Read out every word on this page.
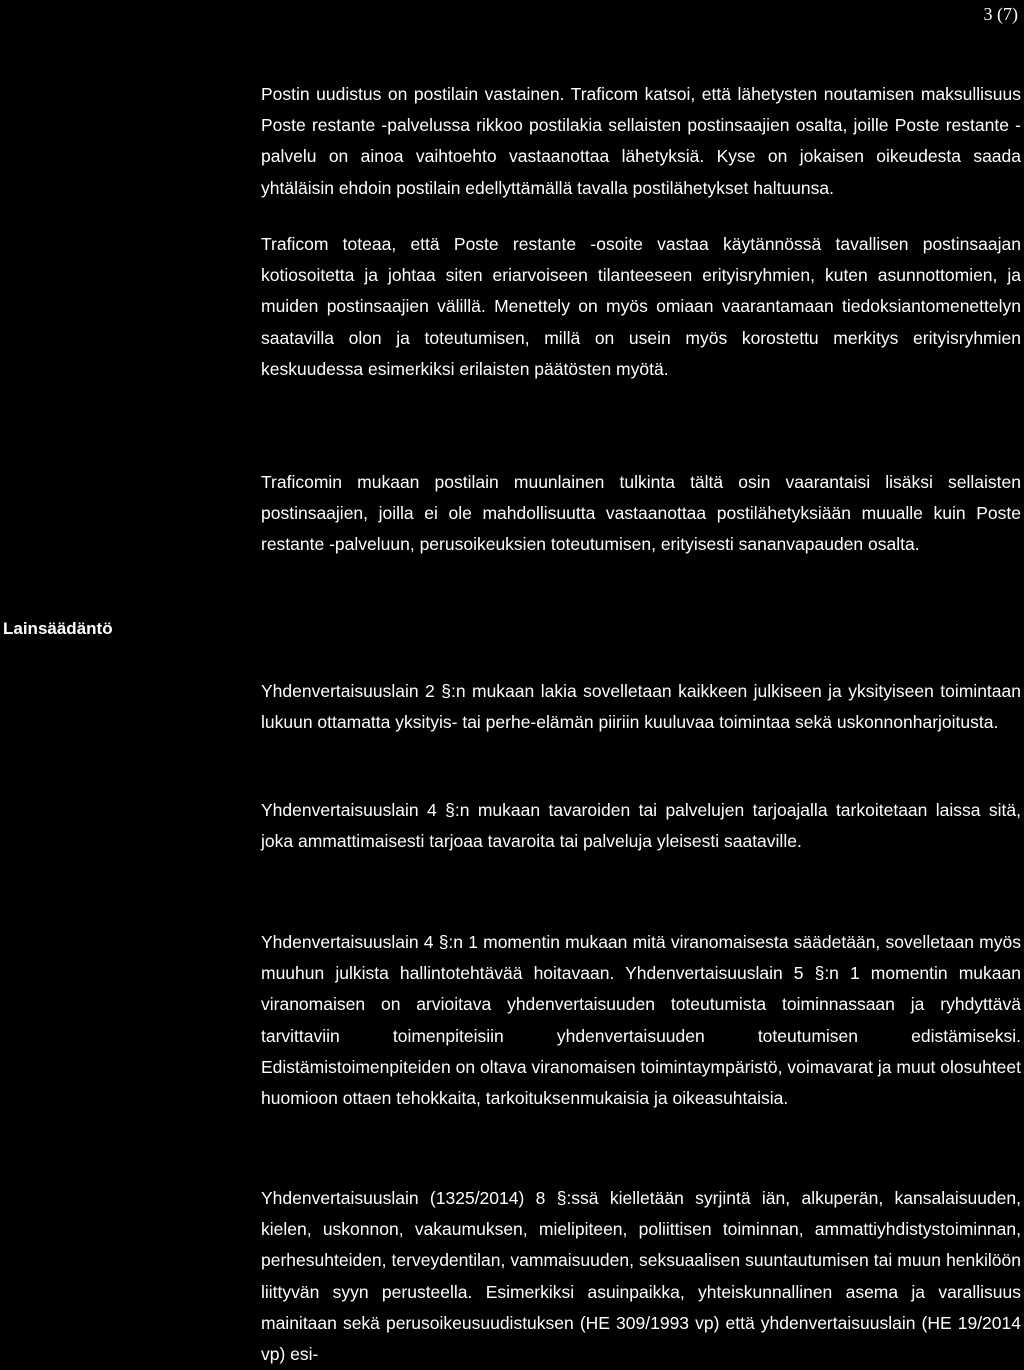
3 (7)

Postin uudistus on postilain vastainen. Traficom katsoi, että lähetysten noutamisen maksullisuus Poste restante -palvelussa rikkoo postilakia sellaisten postinsaajien osalta, joille Poste restante -palvelu on ainoa vaihtoehto vastaanottaa lähetyksiä. Kyse on jokaisen oikeudesta saada yhtäläisin ehdoin postilain edellyttämällä tavalla postilähetykset haltuunsa.

Traficom toteaa, että Poste restante -osoite vastaa käytännössä tavallisen postinsaajan kotiosoitetta ja johtaa siten eriarvoiseen tilanteeseen erityisryhmien, kuten asunnottomien, ja muiden postinsaajien välillä. Menettely on myös omiaan vaarantamaan tiedoksiantomenettelyn saatavilla olon ja toteutumisen, millä on usein myös korostettu merkitys erityisryhmien keskuudessa esimerkiksi erilaisten päätösten myötä.

Traficomin mukaan postilain muunlainen tulkinta tältä osin vaarantaisi lisäksi sellaisten postinsaajien, joilla ei ole mahdollisuutta vastaanottaa postilähetyksiään muualle kuin Poste restante -palveluun, perusoikeuksien toteutumisen, erityisesti sananvapauden osalta.

Lainsäädäntö

Yhdenvertaisuuslain 2 §:n mukaan lakia sovelletaan kaikkeen julkiseen ja yksityiseen toimintaan lukuun ottamatta yksityis- tai perhe-elämän piiriin kuuluvaa toimintaa sekä uskonnonharjoitusta.

Yhdenvertaisuuslain 4 §:n mukaan tavaroiden tai palvelujen tarjoajalla tarkoitetaan laissa sitä, joka ammattimaisesti tarjoaa tavaroita tai palveluja yleisesti saataville.

Yhdenvertaisuuslain 4 §:n 1 momentin mukaan mitä viranomaisesta säädetään, sovelletaan myös muuhun julkista hallintotehtävää hoitavaan. Yhdenvertaisuuslain 5 §:n 1 momentin mukaan viranomaisen on arvioitava yhdenvertaisuuden toteutumista toiminnassaan ja ryhdyttävä tarvittaviin toimenpiteisiin yhdenvertaisuuden toteutumisen edistämiseksi. Edistämistoimenpiteiden on oltava viranomaisen toimintaympäristö, voimavarat ja muut olosuhteet huomioon ottaen tehokkaita, tarkoituksenmukaisia ja oikeasuhtaisia.

Yhdenvertaisuuslain (1325/2014) 8 §:ssä kielletään syrjintä iän, alkuperän, kansalaisuuden, kielen, uskonnon, vakaumuksen, mielipiteen, poliittisen toiminnan, ammattiyhdistystoiminnan, perhesuhteiden, terveydentilan, vammaisuuden, seksuaalisen suuntautumisen tai muun henkilöön liittyvän syyn perusteella. Esimerkiksi asuinpaikka, yhteiskunnallinen asema ja varallisuus mainitaan sekä perusoikeusuudistuksen (HE 309/1993 vp) että yhdenvertaisuuslain (HE 19/2014 vp) esi-
